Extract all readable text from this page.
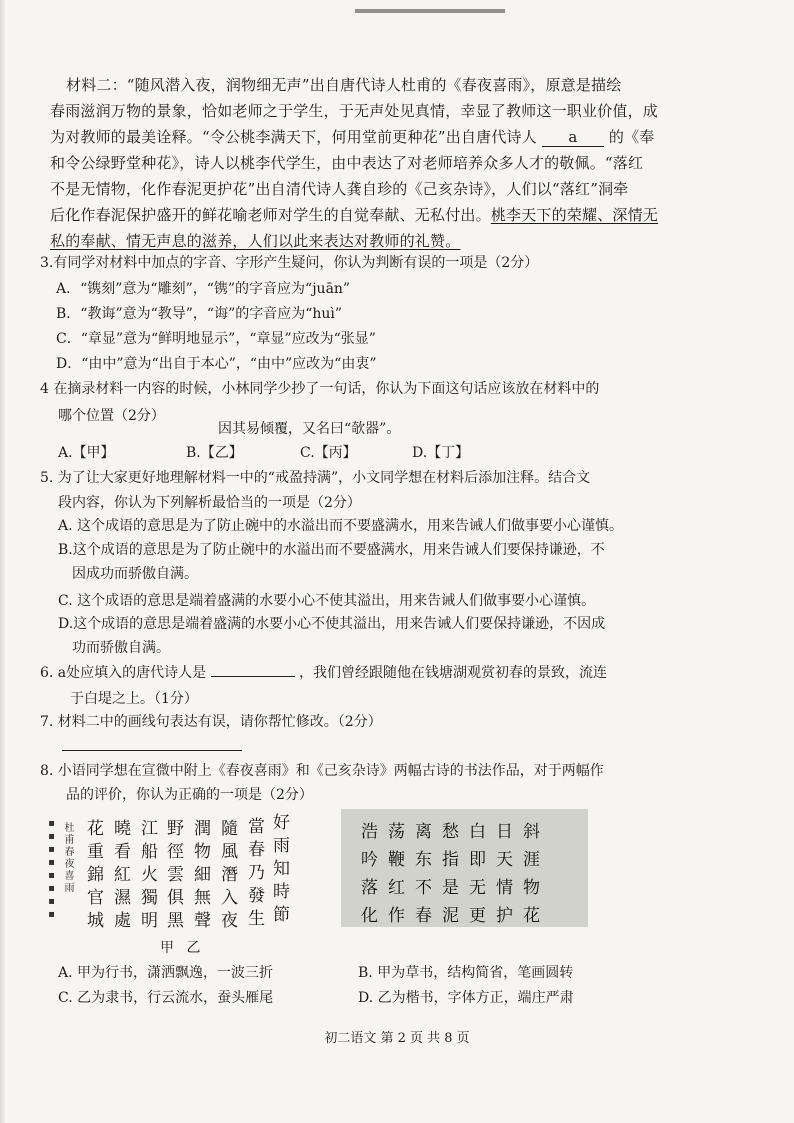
材料二：“随风潜入夜，润物细无声”出自唐代诗人杜甫的《春夜喜雨》，原意是描绘
春雨滋润万物的景象，恰如老师之于学生，于无声处见真情，幸显了教师这一职业价值，成
为对教师的最美诠释。“令公桃李满天下，何用堂前更种花”出自唐代诗人 a 的《奉
和令公绿野堂种花》，诗人以桃李代学生，由中表达了对老师培养众多人才的敬佩。“落红
不是无情物，化作春泥更护花”出自清代诗人龚自珍的《己亥杂诗》，人们以“落红”洞牵
后化作春泥保护盛开的鲜花喻老师对学生的自觉奉献、无私付出。桃李天下的荣耀、深情无
私的奉献、情无声息的滋养，人们以此来表达对教师的礼赞。
3.有同学对材料中加点的字音、字形产生疑问，你认为判断有误的一项是（2分）
A．“镌刻”意为“雕刻”，“镌”的字音应为“juān”
B．“教诲”意为“教导”，“诲”的字音应为“huì”
C．“章显”意为“鲜明地显示”，“章显”应改为“张显”
D．“由中”意为“出自于本心”，“由中”应改为“由衷”
4 在摘录材料一内容的时候，小林同学少抄了一句话，你认为下面这句话应该放在材料中的
哪个位置（2分）
因其易倾覆，又名曰“欹器”。
A.【甲】	B.【乙】	C.【丙】	D.【丁】
5. 为了让大家更好地理解材料一中的“戒盈持满”，小文同学想在材料后添加注释。结合文
段内容，你认为下列解析最恰当的一项是（2分）
A. 这个成语的意思是为了防止碗中的水溢出而不要盛满水，用来告诫人们做事要小心谨慎。
B.这个成语的意思是为了防止碗中的水溢出而不要盛满水，用来告诫人们要保持谦逊，不
因成功而骄傲自满。
C. 这个成语的意思是端着盛满的水要小心不使其溢出，用来告诫人们做事要小心谨慎。
D.这个成语的意思是端着盛满的水要小心不使其溢出，用来告诫人们要保持谦逊，不因成
功而骄傲自满。
6. a处应填入的唐代诗人是	，我们曾经跟随他在钱塘湖观赏初春的景致，流连
于白堤之上。（1分）
7. 材料二中的画线句表达有误，请你帮忙修改。（2分）
8. 小语同学想在宣微中附上《春夜喜雨》和《己亥杂诗》两幅古诗的书法作品，对于两幅作
品的评价，你认为正确的一项是（2分）
好雨知時節
當春乃發生
隨風潛入夜
潤物細無聲
野徑雲俱黑
江船火獨明
曉看紅濕處
花重錦官城
杜甫春夜喜雨
▪▪▪▪▪▪▪▪	浩荡离愁白日斜
吟鞭东指即天涯
落红不是无情物
化作春泥更护花
甲 乙
A. 甲为行书，潇洒飘逸，一波三折	B. 甲为草书，结构简省，笔画圆转
C. 乙为隶书，行云流水，蚕头雁尾	D. 乙为楷书，字体方正，端庄严肃
初二语文 第 2 页 共 8 页
